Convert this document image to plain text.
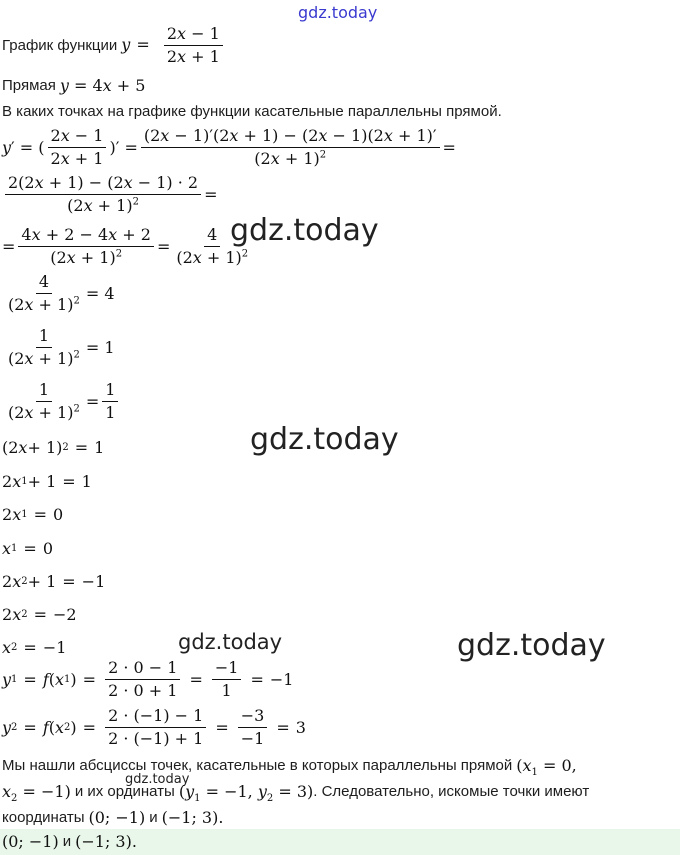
gdz.today
gdz.today
gdz.today
gdz.today	gdz.today
gdz.today
График функции $y = \frac{2x - 1}{2x + 1}$
Прямая y = 4x + 5
В каких точках на графике функции касательные параллельны прямой.
y ′ = ( $\frac{2x - 1}{2x + 1}$ )′ = $\frac{(2x - 1)'(2x + 1) - (2x - 1)(2x + 1)'}{(2x + 1)^2}$ =
$\frac{2(2x + 1) - (2x - 1) \cdot 2}{(2x + 1)^2}$ =
= $\frac{4x + 2 - 4x + 2}{(2x + 1)^2} = \frac{4}{(2x + 1)^2}$
$\frac{4}{(2x + 1)^2} = 4$
$\frac{1}{(2x + 1)^2} = 1$
$\frac{1}{(2x + 1)^2} = \frac{1}{1}$
(2 x + 1) 2 = 1
2 x 1 + 1 = 1
2 x 1 = 0
x 1 = 0
2 x 2 + 1 = −1
2 x 2 = −2
x 2 = −1
y 1 = f ( x 1 ) = $\frac{2 \cdot 0 - 1}{2 \cdot 0 + 1} = \frac{-1}{1} = -1$
y 2 = f ( x 2 ) = $\frac{2 \cdot (-1) - 1}{2 \cdot (-1) + 1} = \frac{-3}{-1} = 3$
Мы нашли абсциссы точек, касательные в которых параллельны прямой ($x_1 = 0$,
$x_2 = -1$) и их ординаты ($y_1 = -1$, $y_2 = 3$) . Следовательно, искомые точки имеют
координаты (0; −1) и (−1; 3).
(0; −1) и (−1; 3).
